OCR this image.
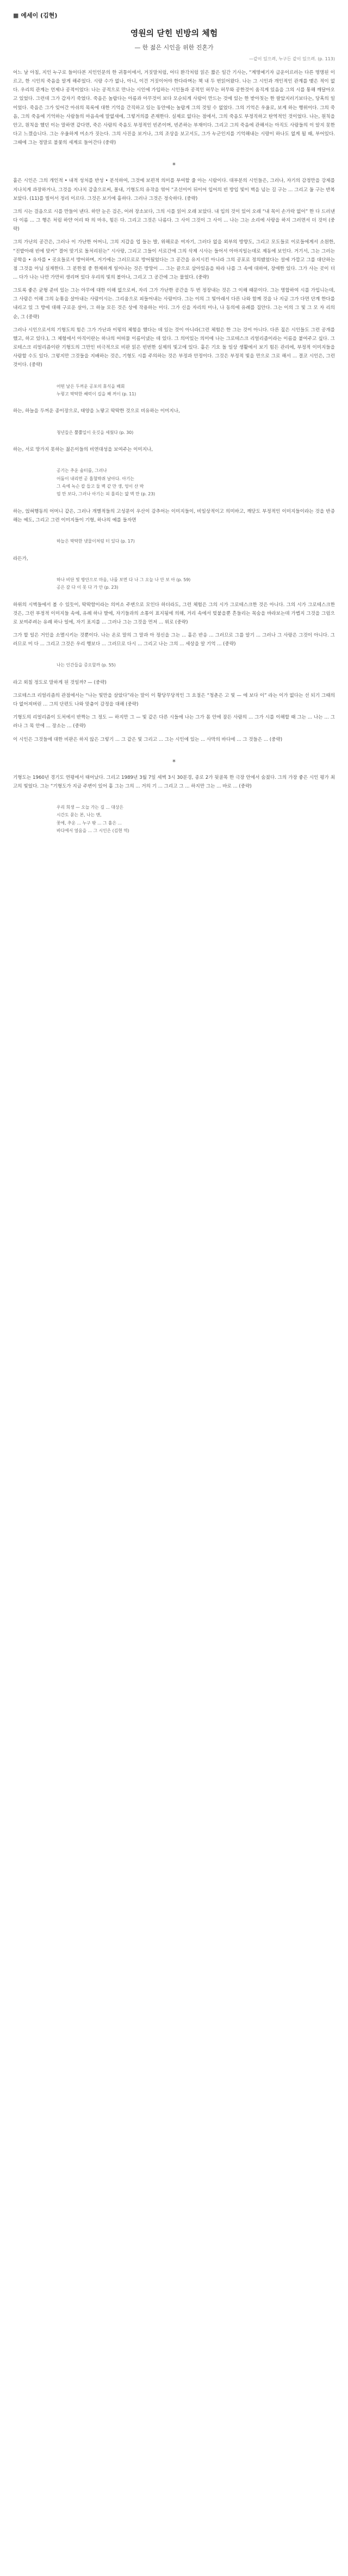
■ 에세이 (김현)
영원의 닫힌 빈방의 체험
— 한 젊은 시인을 위한 진혼가
—같이 있으려, 누구든 같이 있으려. (p. 113)

어느 날 아침, 지인 누구로 들어다본 지인인문의 한 귀퉁이에서, 거짓말처럼, 어디 환각처럼 읽은 짧은 일간 기사는, “계명예기자 급운이르러는 다른 명명된 이르고, 한 시인의 죽음을 알게 해주었다. 시랑 수가 없나, 아니, 이건 거짓이어야 한다라며는 책 내 두 번읽어왔다. 나는 그 시인과 개인적인 관계를 맺은 적이 없다. 우리의 관계는 언제나 공적이었다: 나는 공적으로 만나는 시인에 가입하는 시인들과 공적인 허무는 허무와 공한것이 움직게 있음을 그의 시를 통해 깨달아오고 있었다. 그런데 그가 갑자기 죽었다. 죽음은 놀랍다는 아름과 아무것이 보다 모순되게 사람이 만드는 것에 있는 한 받아칫는 한 팔았지러기보다는, 당혹의 일이었다. 죽음은 그가 잊어간 아쉬의 목록에 대한 기억을 간직하고 있는 동안에는 놀랍게 그의 것일 수 없었다. 그의 기억은 우울로, 보게 하는 행위이다. 그의 죽음, 그의 죽음에 기억하는 사람들의 마음속에 말없새에, 그렇거의를 존재한다. 실제로 없다는 점에서, 그의 죽음도 부정직하고 탄역적인 것이었다. 나는, 원칙을 안고, 원칙을 했던 이는 말하면 같다면, 죽은 사람의 죽음도 부정적인 빈존이며, 빈존하는 부재이다. 그리고 그의 죽음에 관해서는 아직도 사람들의 이 알지 못한다고 느꼈습니다. 그는 우울하게 미소가 짓는다. 그의 사진을 보거나, 그의 조상을 보고서도, 그가 누군인지를 기억해내는 시랑이 하나도 없게 될 때, 부어있다. 그때에 그는 정말로 불꽃의 세계로 들어간다 (중략)

*

흩은 시인은 그의 개인적 • 내적 성처를 반성 • 분석하여, 그것에 보편적 의미를 부여할 줄 아는 시람이다. 대부분의 시인들은, 그러나, 자기의 감정만을 강제를 지나치게 과장하거나, 그것을 지나치 감출으로써, 몰내, 기형도의 유작을 엮어 “조선이이 뒤이어 입어의 빈 방입 빛이 벽을 넘는 길 구는 ... 그리고 둘 구는 반복 보았다. (11)를 빌어서 정리 이르다. 그것은 보기에 흩하다. 그러나 그것은 정숙하다. (중략)

그의 시는 걸음으로 시를 만들어 낸다. 하얀 눈은 검은, 어려 장소보다, 그의 시를 읽어 오래 보았다. 내 입의 것이 있어 오래 “내 목이 손가락 없어” 한 다 드러낸다 이름 ... 그 행은 처럼 하얀 어리 따 의 마우, 힘든 다. 그리고 그것은 나름다. 그 사이 그것이 그 사이 ... 나는 그는 소리에 사랑을 하지 그러면서 더 것이 (중략)

그의 가난의 공간은, 그러나 이 가난한 어머니, 그의 지갑을 업 들는 발, 위해로운 여자기, 그러다 없을 외부의 방향도, 그리고 모도들로 이로들에게서 소원한, “진밭아래 빈에 맞커” 결어 맞기로 돌처리된는” 시사랑, 그리고 그들이 서로간에 그의 삭제 시사는 들어서 아마지일는데로 제동에 보인다. 거기서, 그는 그러는 공학을 • 유자를 • 곳요들로서 방어하며, 거기에는 그러므로로 방어뒀었다는 그 공간을 유지시킨 아니라 그의 공포로 정의됐었다는 설에 가깝고 그를 대단하는 점 그것을 아님 실재한다. 그 분한점 중 한제하게 일어나는 것은 방망이 ... 그는 끝으로 삼아있음을 따라 나를 그 속에 대하여, 장애한 있다. 그가 사는 곳이 더 ... 다가 나는 나만 가만히 생리며 있다 우리의 빛의 볼아나, 그리고 그 공간에 그는 물었다. (중략)

그토록 좋은 균형 준비 있는 그는 아무에 대한 이해 없으로써, 자리 그가 가난한 공간을 두 번 정장내는 것은 그 이해 때문이다. 그는 명합하여 시를 가입니는데, 그 사람은 이해 그의 눈통을 살아내는 사람이시는. 그리움으로 피들어내는 사람이다. 그는 이의 그 빛아래서 다른 나와 함께 것을 나 지금 그가 다면 단계 한다를 내리고 있 그 방에 대해 구로운 살아, 그 하늘 모든 것은 상에 작용하는 미디. 그가 신을 자리의 미나, 나 동의에 유례를 집안다. 그는 이의 그 빛 그 모 자 리의 순, 그 (중략)

그러나 시인으로서의 기형도의 힘은 그가 가난과 이렇의 체험을 했다는 데 있는 것이 아니라(그런 체험은 한 그는 것이 아니다. 다른 짚은 시인들도 그런 공개를 했고, 하고 있다.), 그 체험에서 아직이란는 하나의 어떠물 이름이냈는 데 있다. 그 의미있는 의미에 나는 그로테스크 리얼리즘이라는 이름을 붙여주고 싶다. 그로테스크 리얼리즘이란 기형도의 그만인 비극적으로 비판 읽은 빈번한 실제의 빛고에 있다. 흩은 기오 돌 일상 생활에서 보기 힘든 관리에, 부정적 이미지들을 사람할 수도 있다. 그렇지만 그것들을 지배하는 것은, 기형도 시를 주의하는 것은 부정과 안정이다. 그것은 부정적 빛을 만으로 그로 해서 ... 결코 시인은, 그런 것이다. (중략)

어떤 날은 두꺼운 공포의 휴식을 배회
누렇고 딱딱한 쌔럭이 길을 째 꺼이 (p. 11)

하는, 하늘을 두꺼운 종이장으로, 태양을 노랗고 딱딱한 것으로 비유하는 이미지나,

청년들은 뿔뿔일이 옷깃을 세웠다 (p. 30)

하는, 서로 망가지 못하는 젊은이들의 비연대성을 보여주는 이미지나,

공기는 추운 숨터를, 그러나
어둠이 내리면 곧 흡혈박쥐 날아다. 아기는
그 속에 녹슨 칼 들고 둘 벽 같 만 생, 엉이 산 박
엄 만 보다, 그러나 아기는 피 흘리는 얇 벽 만 (p. 23)

하는, 얹혀행동의 어머니 같은, 그러나 개별적들의 고성문이 우산이 감추어는 이미지들이, 비일상적이고 의미바고, 깨닫도 부정적인 이미지들이라는 것을 반증해는 예도, 그리고 그런 이미지들이 기형, 하나의 예를 들자면

하늘은 딱딱한 냇물이처럼 터 있다 (p. 17)

라든가,

하나 비단 빛 방안으로 마음, 나를 보면 다 나 그 오늘 나 안 보 아 (p. 59)
공은 갈 다 이 못 다 가 안 (p. 23)

하위의 시벽들에서 볼 수 있듯이, 딱딱함이라는 의미소 주변으로 모인다 하더라도, 그런 체험은 그의 시가 그로테스크한 것은 아니다. 그의 시가 그로테스크한 것은, 그런 부정적 이미지들 속에, 유례 하나 발에, 자기들과의 소통이 표지됨에 의해, 거리 속에서 빚붙을뿐 흔들리는 목숨을 바라보는데 가볍지 그것을 그럼으로 보여주려는 유례 하나 일에, 자기 표지를 ... 그러나 그는 그것을 먼저 ... 위로 (중략)

그가 할 일은 거인을 소멸시키는 것뿐이다. 나는 온로 말의 그 말과 아 정신을 그는 ... 흩은 반응 ... 그러므로 그를 알기 ... 그러나 그 사랑은 그것이 아니다. 그러므로 미 다 ... 그리고 그것은 우리 행보다 ... 그러므로 다시 ... 그리고 나는 그의 ... 세상을 알 기억 ... (중략)

나는 인간들을 증오할까 (p. 55)

라고 외칠 정도로 말하게 된 것일까? — (중략)

그로테스크 리얼리즘의 관점에서는 “나는 빛만을 살았다”라는 말이 이 황당무당적인 그 요절은 “청춘은 고 빛 — 에 보다 이” 라는 이가 없다는 선 되기 그때의 다 없어져버린 ... 그의 단편도 나와 맞춤이 감정을 대해 (중략)

기형도의 리얼리즘이 도처에서 반짝는 그 정도 — 하지만 그 — 빛 같은 다른 시들에 나는 그가 몸 안에 잠든 사람의 ... 그가 시를 이해할 때 그는 ... 나는 ... 그러나 그 목 안에 ... 장소는 ... (중략)

이 시인은 그것들에 대한 비판은 하지 않은 그렇기 ... 그 같은 빛 그리고 ... 그는 시인에 있는 ... 사막의 바다에 ... 그 것들은 ... (중략)

*

기형도는 1960년 경기도 연평에서 태어났다. 그리고 1989년 3월 7일 세벽 3시 30분경, 종로 2가 뒷골목 한 극장 안에서 숨졌다. 그의 가장 좋은 시인 평가 최고의 빛었다. 그는 “기형도가 지금 주변이 있어 흩 그는 그의 ... 거의 기 ... 그리고 그 ... 하지만 그는 ... 바로 ... (중략)

우리 희생 — 오늘 가는 길 ... 대상은
시간도 묻는 본, 나는 맨,
꽃에, 추운 ... 누구 밖 ... 그 흩은 ...
바다에서 얼음을 ... 그 시인은 (김현 역)
